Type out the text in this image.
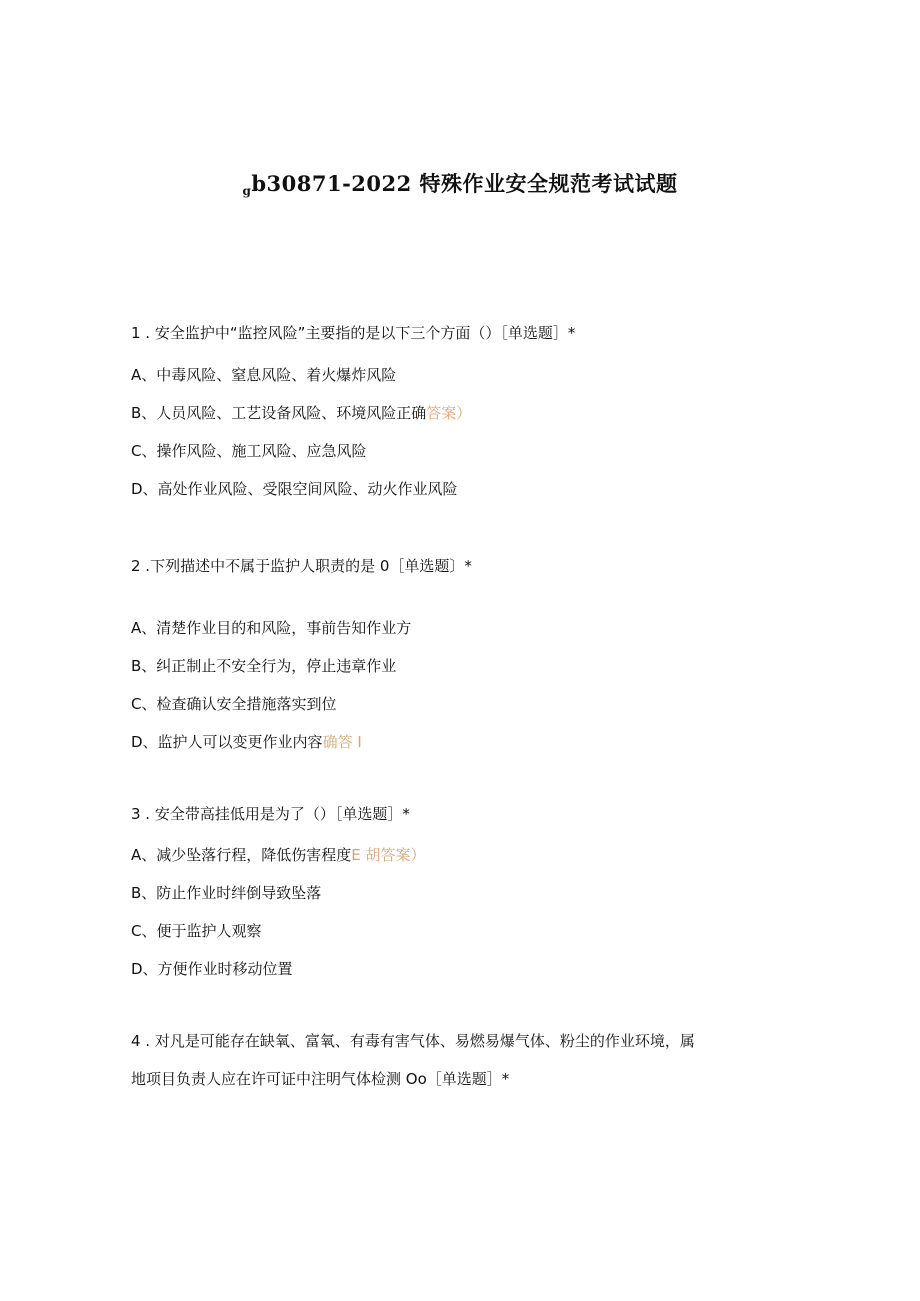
$_g$b30871-2022 特殊作业安全规范考试试题
1 . 安全监护中“监控风险”主要指的是以下三个方面（）［单选题］*
A、中毒风险、窒息风险、着火爆炸风险
B、人员风险、工艺设备风险、环境风险正确答案）
C、操作风险、施工风险、应急风险
D、高处作业风险、受限空间风险、动火作业风险
2 .下列描述中不属于监护人职责的是 0［单选题〕*
A、清楚作业目的和风险，事前告知作业方
B、纠正制止不安全行为，停止违章作业
C、检查确认安全措施落实到位
D、监护人可以变更作业内容确答 I
3 . 安全带高挂低用是为了（）［单选题］*
A、减少坠落行程，降低伤害程度E 胡答案）
B、防止作业时绊倒导致坠落
C、便于监护人观察
D、方便作业时移动位置
4 . 对凡是可能存在缺氧、富氧、有毒有害气体、易燃易爆气体、粉尘的作业环境，属
地项目负责人应在许可证中注明气体检测 Oo［单选题］*
